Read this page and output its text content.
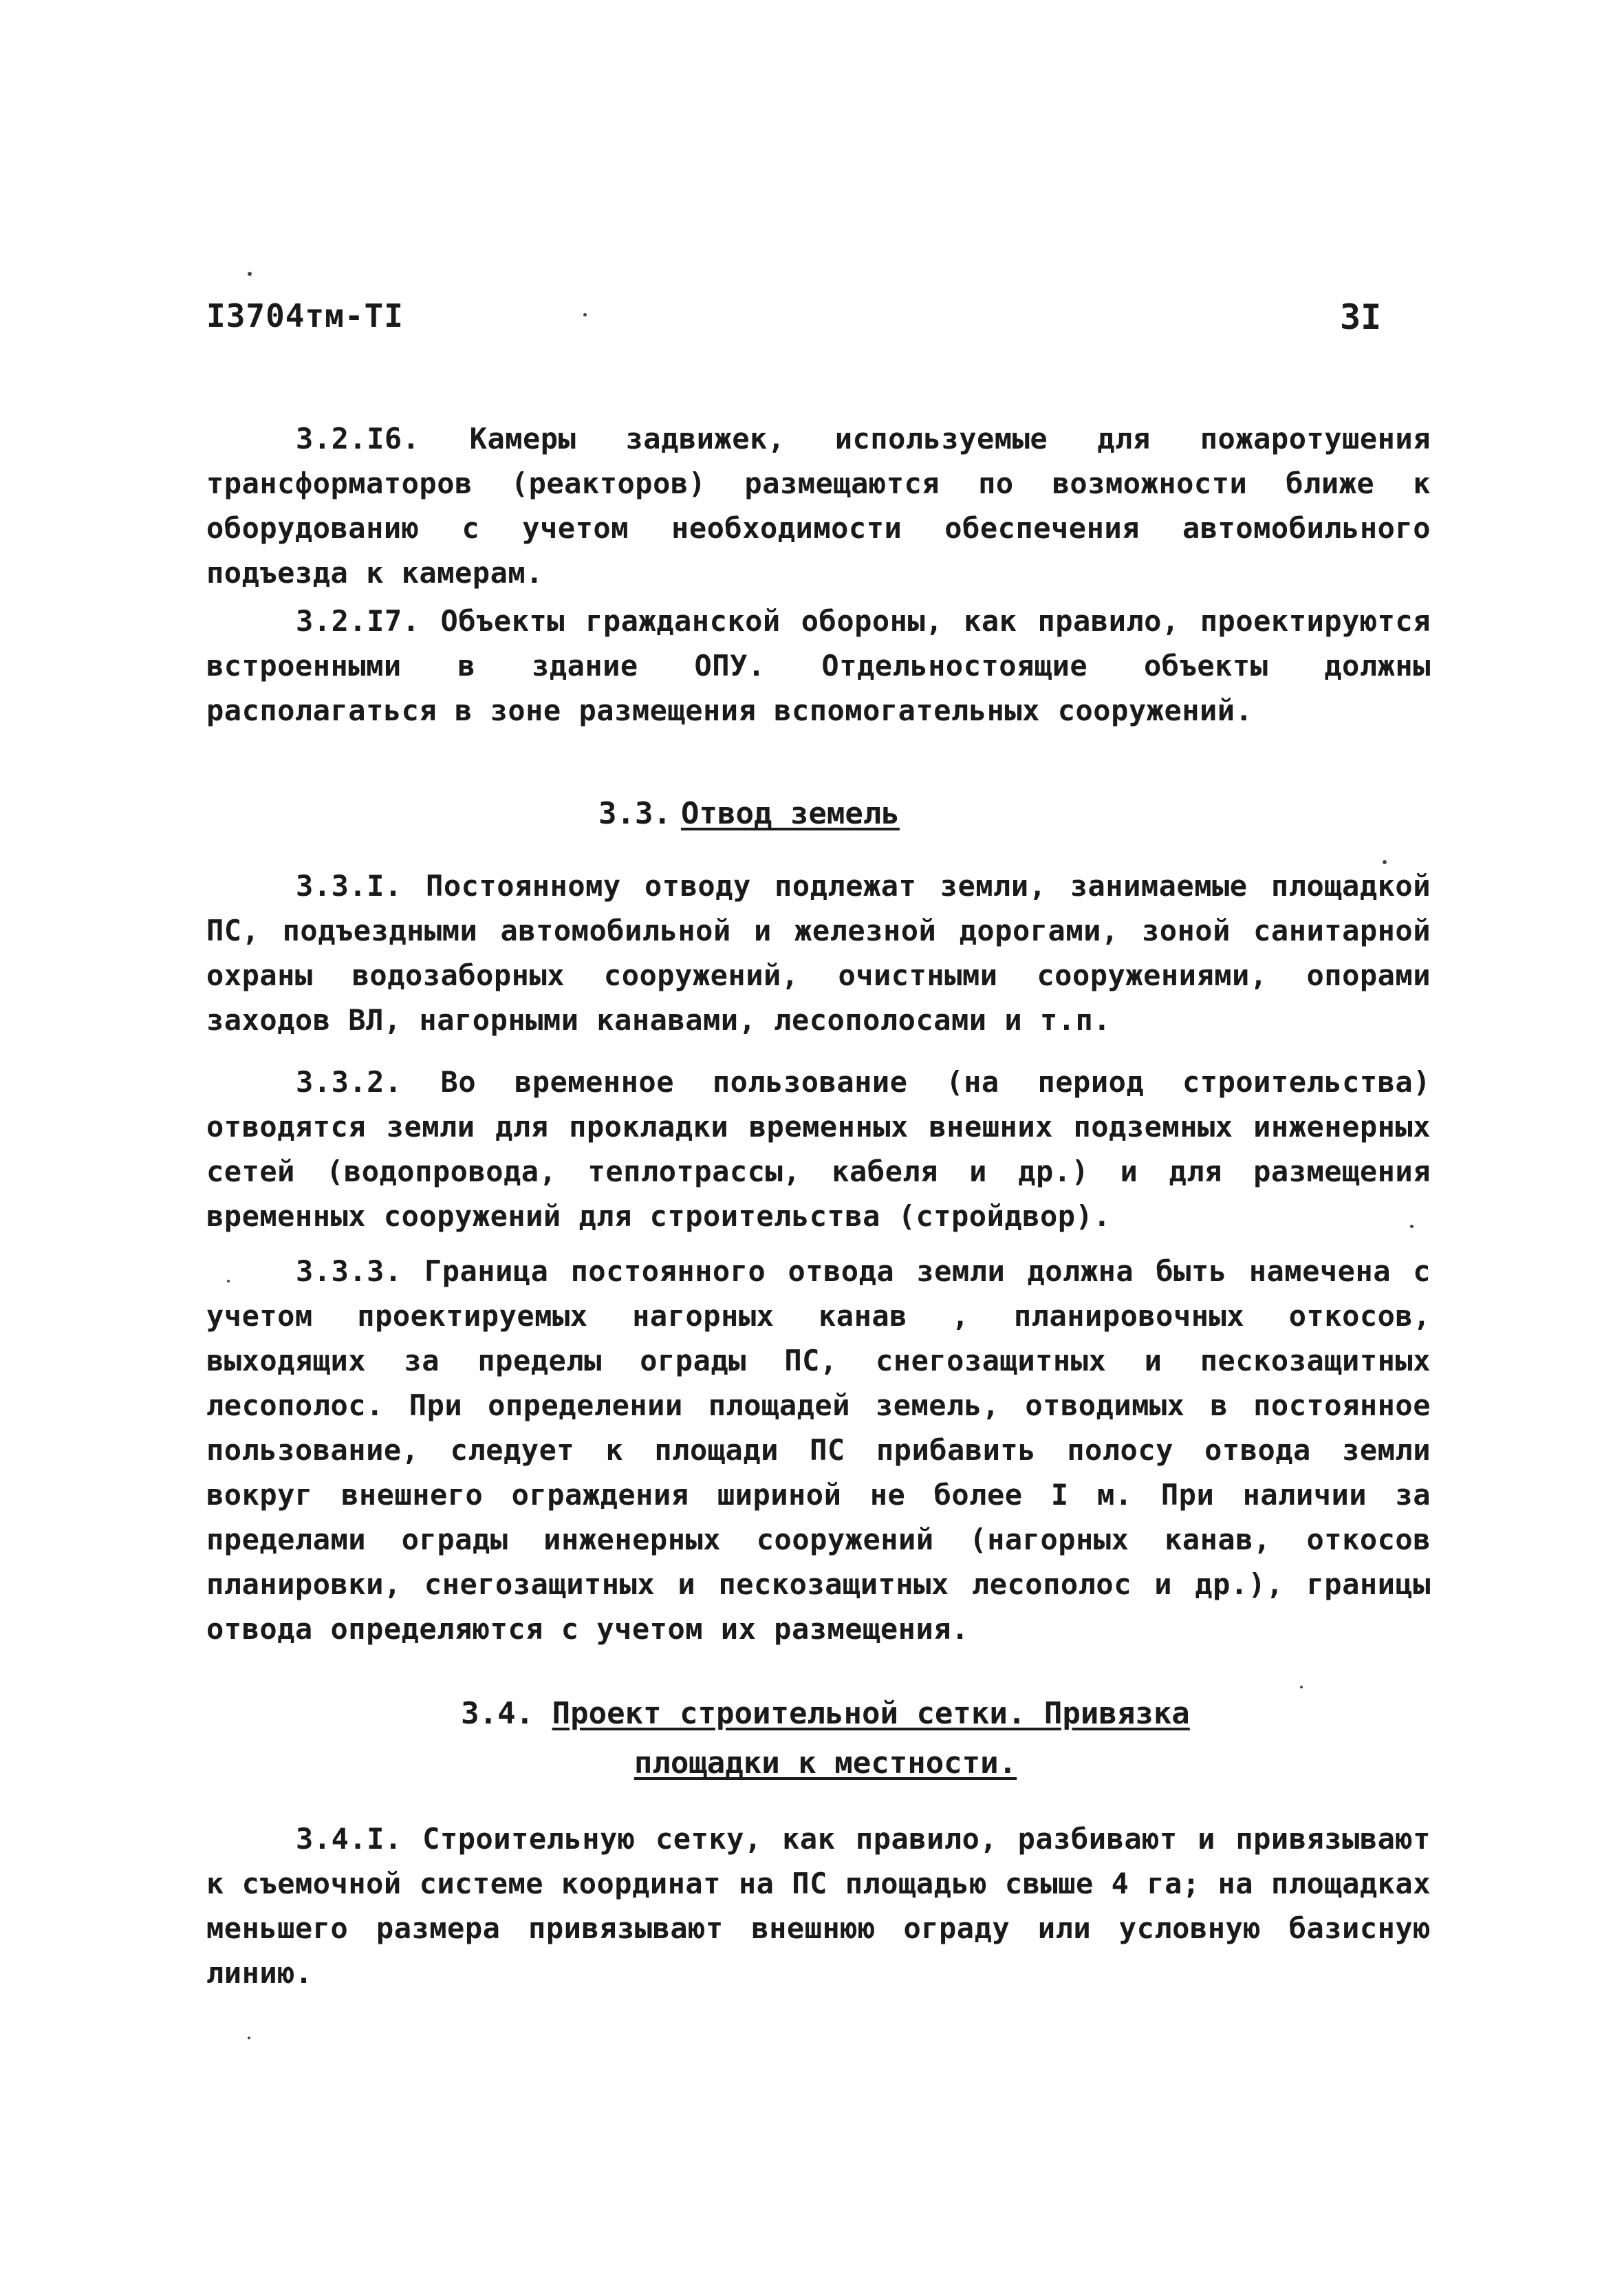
I3704тм-TI	3I
3.2.I6. Камеры задвижек, используемые для пожаротушения трансформаторов (реакторов) размещаются по возможности ближе к оборудованию с учетом необходимости обеспечения автомобильного подъезда к камерам.
3.2.I7. Объекты гражданской обороны, как правило, проектируются встроенными в здание ОПУ. Отдельностоящие объекты должны располагаться в зоне размещения вспомогательных сооружений.
3.3. Отвод земель
3.3.I. Постоянному отводу подлежат земли, занимаемые площадкой ПС, подъездными автомобильной и железной дорогами, зоной санитарной охраны водозаборных сооружений, очистными сооружениями, опорами заходов ВЛ, нагорными канавами, лесополосами и т.п.
3.3.2. Во временное пользование (на период строительства) отводятся земли для прокладки временных внешних подземных инженерных сетей (водопровода, теплотрассы, кабеля и др.) и для размещения временных сооружений для строительства (стройдвор).
3.3.3. Граница постоянного отвода земли должна быть намечена с учетом проектируемых нагорных канав , планировочных откосов, выходящих за пределы ограды ПС, снегозащитных и пескозащитных лесополос. При определении площадей земель, отводимых в постоянное пользование, следует к площади ПС прибавить полосу отвода земли вокруг внешнего ограждения шириной не более I м. При наличии за пределами ограды инженерных сооружений (нагорных канав, откосов планировки, снегозащитных и пескозащитных лесополос и др.), границы отвода определяются с учетом их размещения.
3.4. Проект строительной сетки. Привязка
площадки к местности.
3.4.I. Строительную сетку, как правило, разбивают и привязывают к съемочной системе координат на ПС площадью свыше 4 га; на площадках меньшего размера привязывают внешнюю ограду или условную базисную линию.
